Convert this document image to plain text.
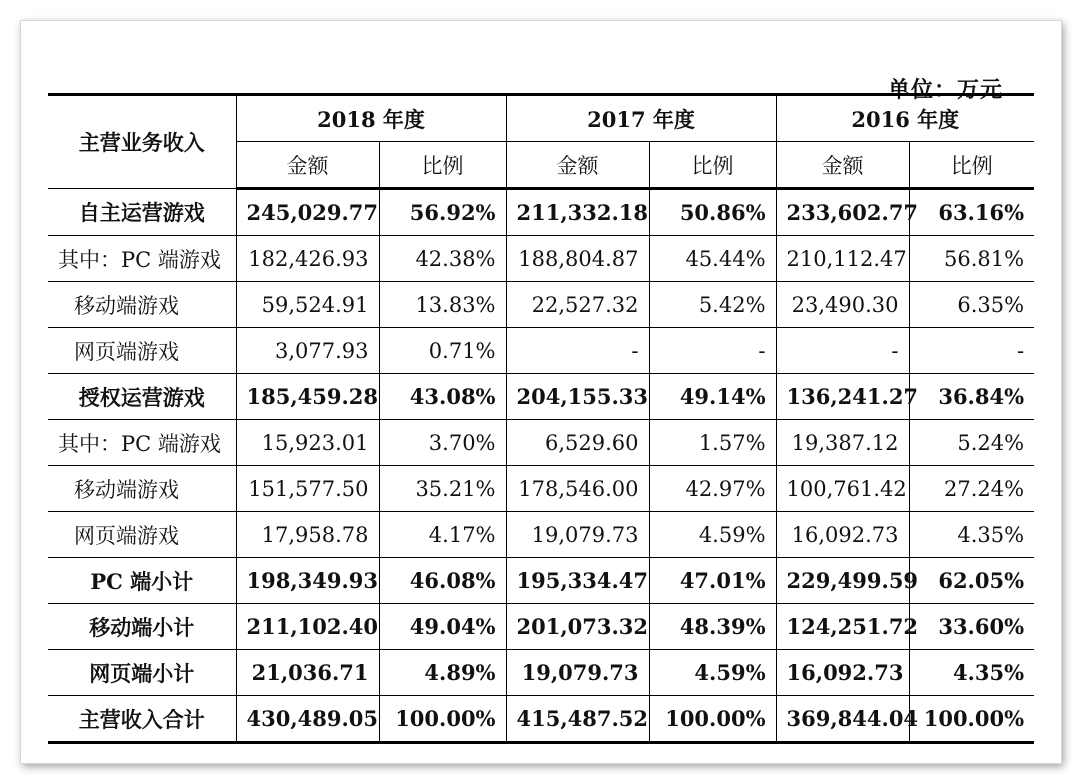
单位：万元
主营业务收入	2018 年度		2017 年度		2016 年度	
	金额	比例	金额	比例	金额	比例
自主运营游戏	245,029.77	56.92%	211,332.18	50.86%	233,602.77	63.16%
其中：PC 端游戏	182,426.93	42.38%	188,804.87	45.44%	210,112.47	56.81%
移动端游戏	59,524.91	13.83%	22,527.32	5.42%	23,490.30	6.35%
网页端游戏	3,077.93	0.71%	-	-	-	-
授权运营游戏	185,459.28	43.08%	204,155.33	49.14%	136,241.27	36.84%
其中：PC 端游戏	15,923.01	3.70%	6,529.60	1.57%	19,387.12	5.24%
移动端游戏	151,577.50	35.21%	178,546.00	42.97%	100,761.42	27.24%
网页端游戏	17,958.78	4.17%	19,079.73	4.59%	16,092.73	4.35%
PC 端小计	198,349.93	46.08%	195,334.47	47.01%	229,499.59	62.05%
移动端小计	211,102.40	49.04%	201,073.32	48.39%	124,251.72	33.60%
网页端小计	21,036.71	4.89%	19,079.73	4.59%	16,092.73	4.35%
主营收入合计	430,489.05	100.00%	415,487.52	100.00%	369,844.04	100.00%
